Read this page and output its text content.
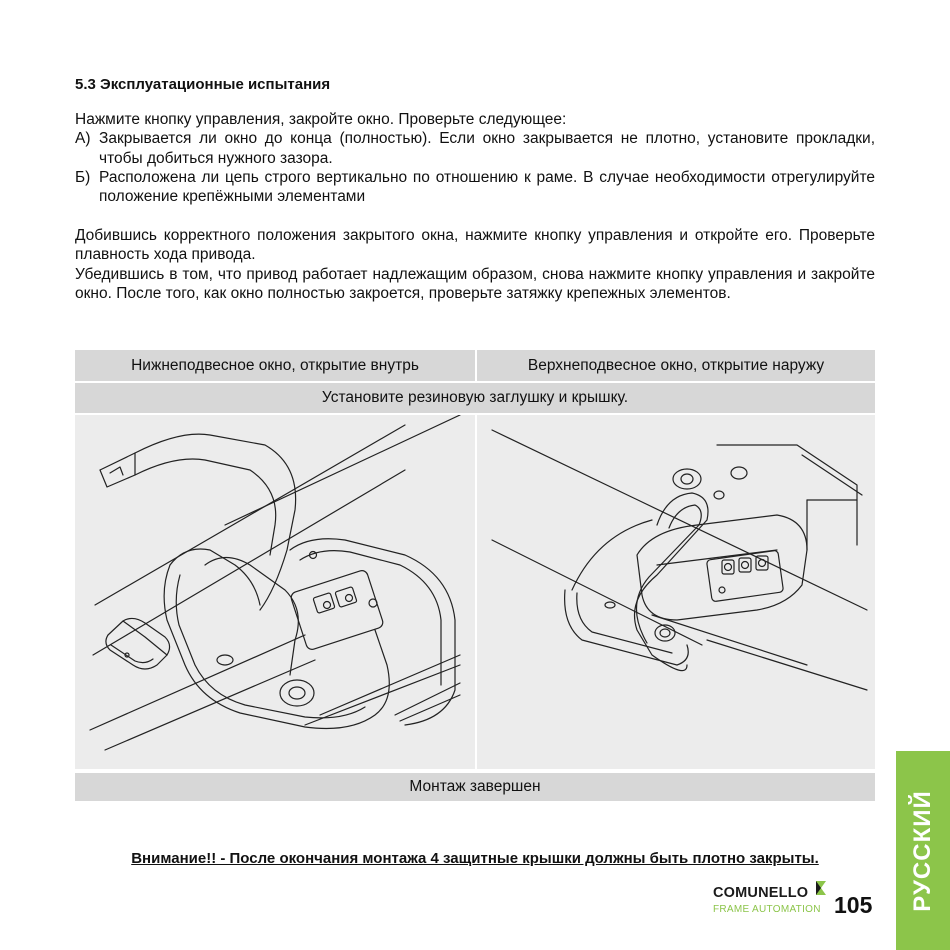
5.3 Эксплуатационные испытания
Нажмите кнопку управления, закройте окно. Проверьте следующее:
А) Закрывается ли окно до конца (полностью). Если окно закрывается не плотно, установите прокладки, чтобы добиться нужного зазора.
Б) Расположена ли цепь строго вертикально по отношению к раме. В случае необходимости отрегулируйте положение крепёжными элементами
Добившись корректного положения закрытого окна, нажмите кнопку управления и откройте его. Проверьте плавность хода привода.
Убедившись в том, что привод работает надлежащим образом, снова нажмите кнопку управления и закройте окно. После того, как окно полностью закроется, проверьте затяжку крепежных элементов.
Нижнеподвесное окно, открытие внутрь	Верхнеподвесное окно, открытие наружу
Установите резиновую заглушку и крышку.
Монтаж завершен
Внимание!! - После окончания монтажа 4 защитные крышки должны быть плотно закрыты.	РУССКИЙ
COMUNELLO
FRAME AUTOMATION 105
